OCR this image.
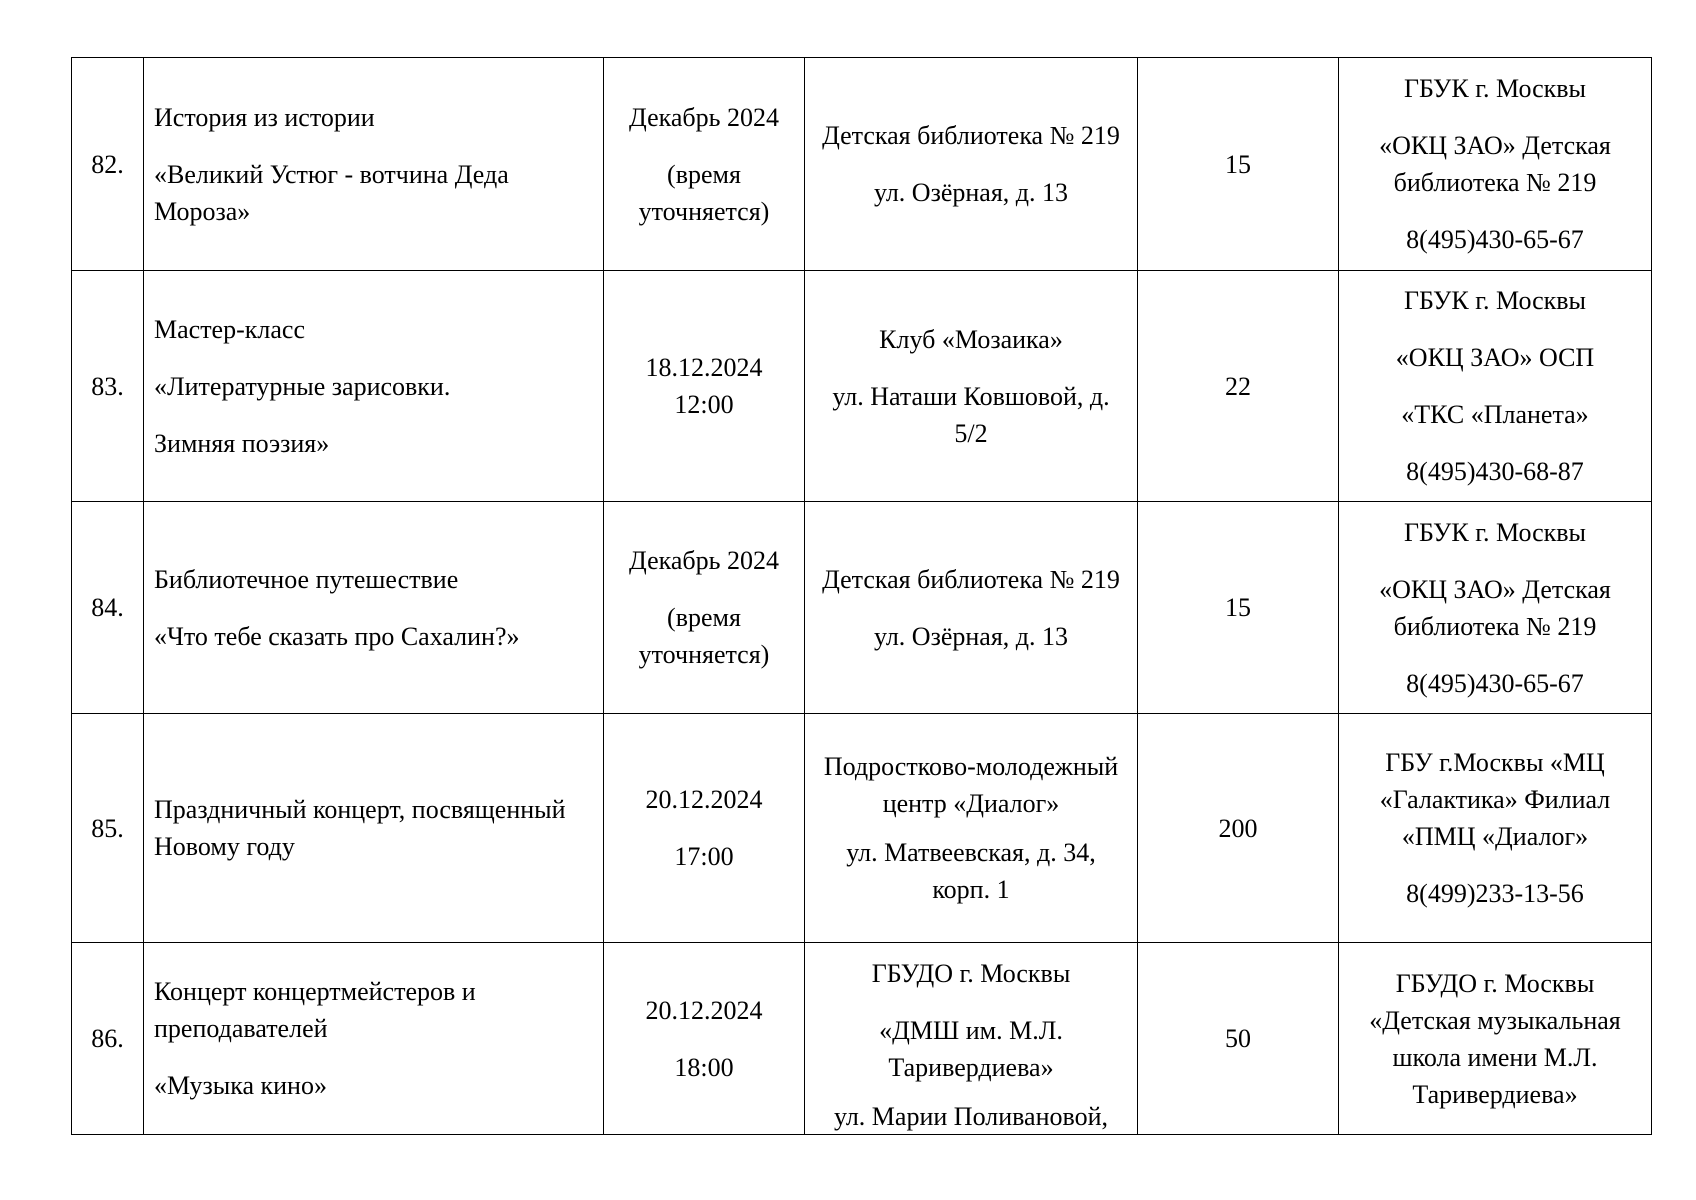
82.	История из истории
«Великий Устюг - вотчина Деда Мороза»	Декабрь 2024
(время уточняется)	Детская библиотека № 219
ул. Озёрная, д. 13	15	ГБУК г. Москвы
«ОКЦ ЗАО» Детская библиотека № 219
8(495)430-65-67

83.	Мастер-класс
«Литературные зарисовки.
Зимняя поэзия»	18.12.2024 12:00	Клуб «Мозаика»
ул. Наташи Ковшовой, д. 5/2	22	ГБУК г. Москвы
«ОКЦ ЗАО» ОСП
«ТКС «Планета»
8(495)430-68-87

84.	Библиотечное путешествие
«Что тебе сказать про Сахалин?»	Декабрь 2024
(время уточняется)	Детская библиотека № 219
ул. Озёрная, д. 13	15	ГБУК г. Москвы
«ОКЦ ЗАО» Детская библиотека № 219
8(495)430-65-67

85.	Праздничный концерт, посвященный Новому году	20.12.2024
17:00	Подростково-молодежный центр «Диалог»
ул. Матвеевская, д. 34, корп. 1	200	ГБУ г.Москвы «МЦ «Галактика» Филиал «ПМЦ «Диалог»
8(499)233-13-56

86.	Концерт концертмейстеров и преподавателей
«Музыка кино»	20.12.2024
18:00	ГБУДО г. Москвы
«ДМШ им. М.Л. Таривердиева»
ул. Марии Поливановой,	50	ГБУДО г. Москвы «Детская музыкальная школа имени М.Л. Таривердиева»
